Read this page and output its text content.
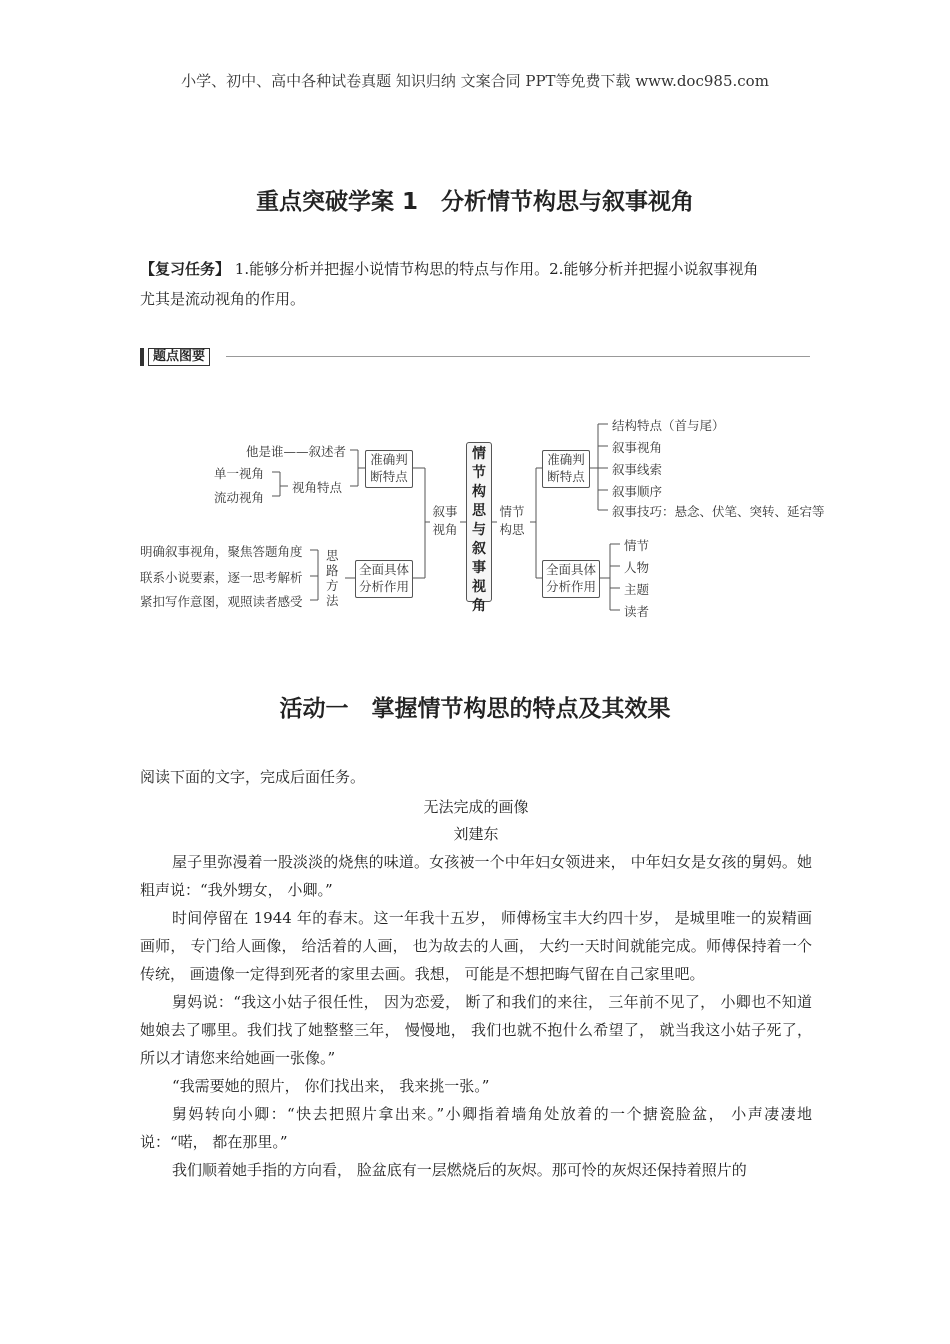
小学、初中、高中各种试卷真题 知识归纳 文案合同 PPT等免费下载 www.doc985.com
重点突破学案 1　分析情节构思与叙事视角
【复习任务】 1.能够分析并把握小说情节构思的特点与作用。2.能够分析并把握小说叙事视角
尤其是流动视角的作用。
题点图要
情
节
构
思
与
叙
事
视
角
叙事视角
情节构思
准确判断特点
他是谁——叙述者
单一视角
流动视角
视角特点
全面具体分析作用
思路方法
明确叙事视角，聚焦答题角度
联系小说要素，逐一思考解析
紧扣写作意图，观照读者感受
准确判断特点
结构特点（首与尾）
叙事视角
叙事线索
叙事顺序
叙事技巧：悬念、伏笔、突转、延宕等
全面具体分析作用
情节
人物
主题
读者
活动一　掌握情节构思的特点及其效果
阅读下面的文字，完成后面任务。
无法完成的画像
刘建东
屋子里弥漫着一股淡淡的烧焦的味道。女孩被一个中年妇女领进来， 中年妇女是女孩的舅妈。她粗声说：“我外甥女， 小卿。”
时间停留在 1944 年的春末。这一年我十五岁， 师傅杨宝丰大约四十岁， 是城里唯一的炭精画画师， 专门给人画像， 给活着的人画， 也为故去的人画， 大约一天时间就能完成。师傅保持着一个传统， 画遗像一定得到死者的家里去画。我想， 可能是不想把晦气留在自己家里吧。
舅妈说：“我这小姑子很任性， 因为恋爱， 断了和我们的来往， 三年前不见了， 小卿也不知道她娘去了哪里。我们找了她整整三年， 慢慢地， 我们也就不抱什么希望了， 就当我这小姑子死了， 所以才请您来给她画一张像。”
“我需要她的照片， 你们找出来， 我来挑一张。”
舅妈转向小卿：“快去把照片拿出来。”小卿指着墙角处放着的一个搪瓷脸盆， 小声凄凄地说：“喏， 都在那里。”
我们顺着她手指的方向看， 脸盆底有一层燃烧后的灰烬。那可怜的灰烬还保持着照片的
